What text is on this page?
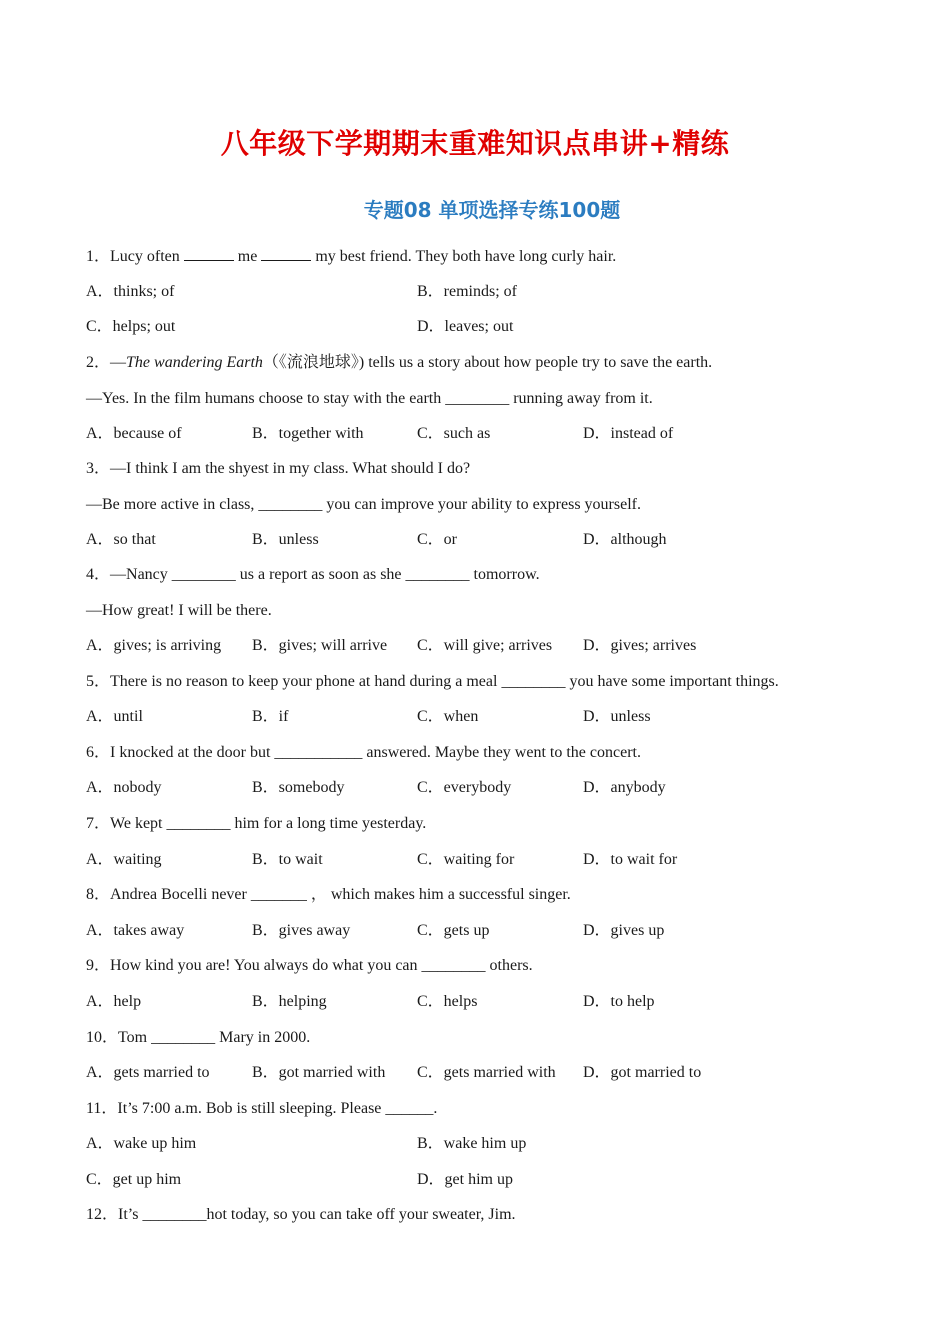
八年级下学期期末重难知识点串讲+精练
专题08 单项选择专练100题
1．Lucy often	me	my best friend. They both have long curly hair.
A．thinks; of	B．reminds; of
C．helps; out	D．leaves; out
2．—The wandering Earth（《流浪地球》) tells us a story about how people try to save the earth.
—Yes. In the film humans choose to stay with the earth ________ running away from it.
A．because of	B．together with	C．such as	D．instead of
3．—I think I am the shyest in my class. What should I do?
—Be more active in class, ________ you can improve your ability to express yourself.
A．so that	B．unless	C．or	D．although
4．—Nancy ________ us a report as soon as she ________ tomorrow.
—How great! I will be there.
A．gives; is arriving B．gives; will arrive C．will give; arrives D．gives; arrives
5．There is no reason to keep your phone at hand during a meal ________ you have some important things.
A．until	B．if	C．when	D．unless
6．I knocked at the door but ___________ answered. Maybe they went to the concert.
A．nobody	B．somebody	C．everybody	D．anybody
7．We kept ________ him for a long time yesterday.
A．waiting	B．to wait	C．waiting for	D．to wait for
8．Andrea Bocelli never _______ ， which makes him a successful singer.
A．takes away	B．gives away	C．gets up	D．gives up
9．How kind you are! You always do what you can ________ others.
A．help	B．helping	C．helps	D．to help
10．Tom ________ Mary in 2000.
A．gets married to	B．got married with C．gets married with D．got married to
11．It’s 7:00 a.m. Bob is still sleeping. Please ______.
A．wake up him	B．wake him up
C．get up him	D．get him up
12．It’s ________hot today, so you can take off your sweater, Jim.
